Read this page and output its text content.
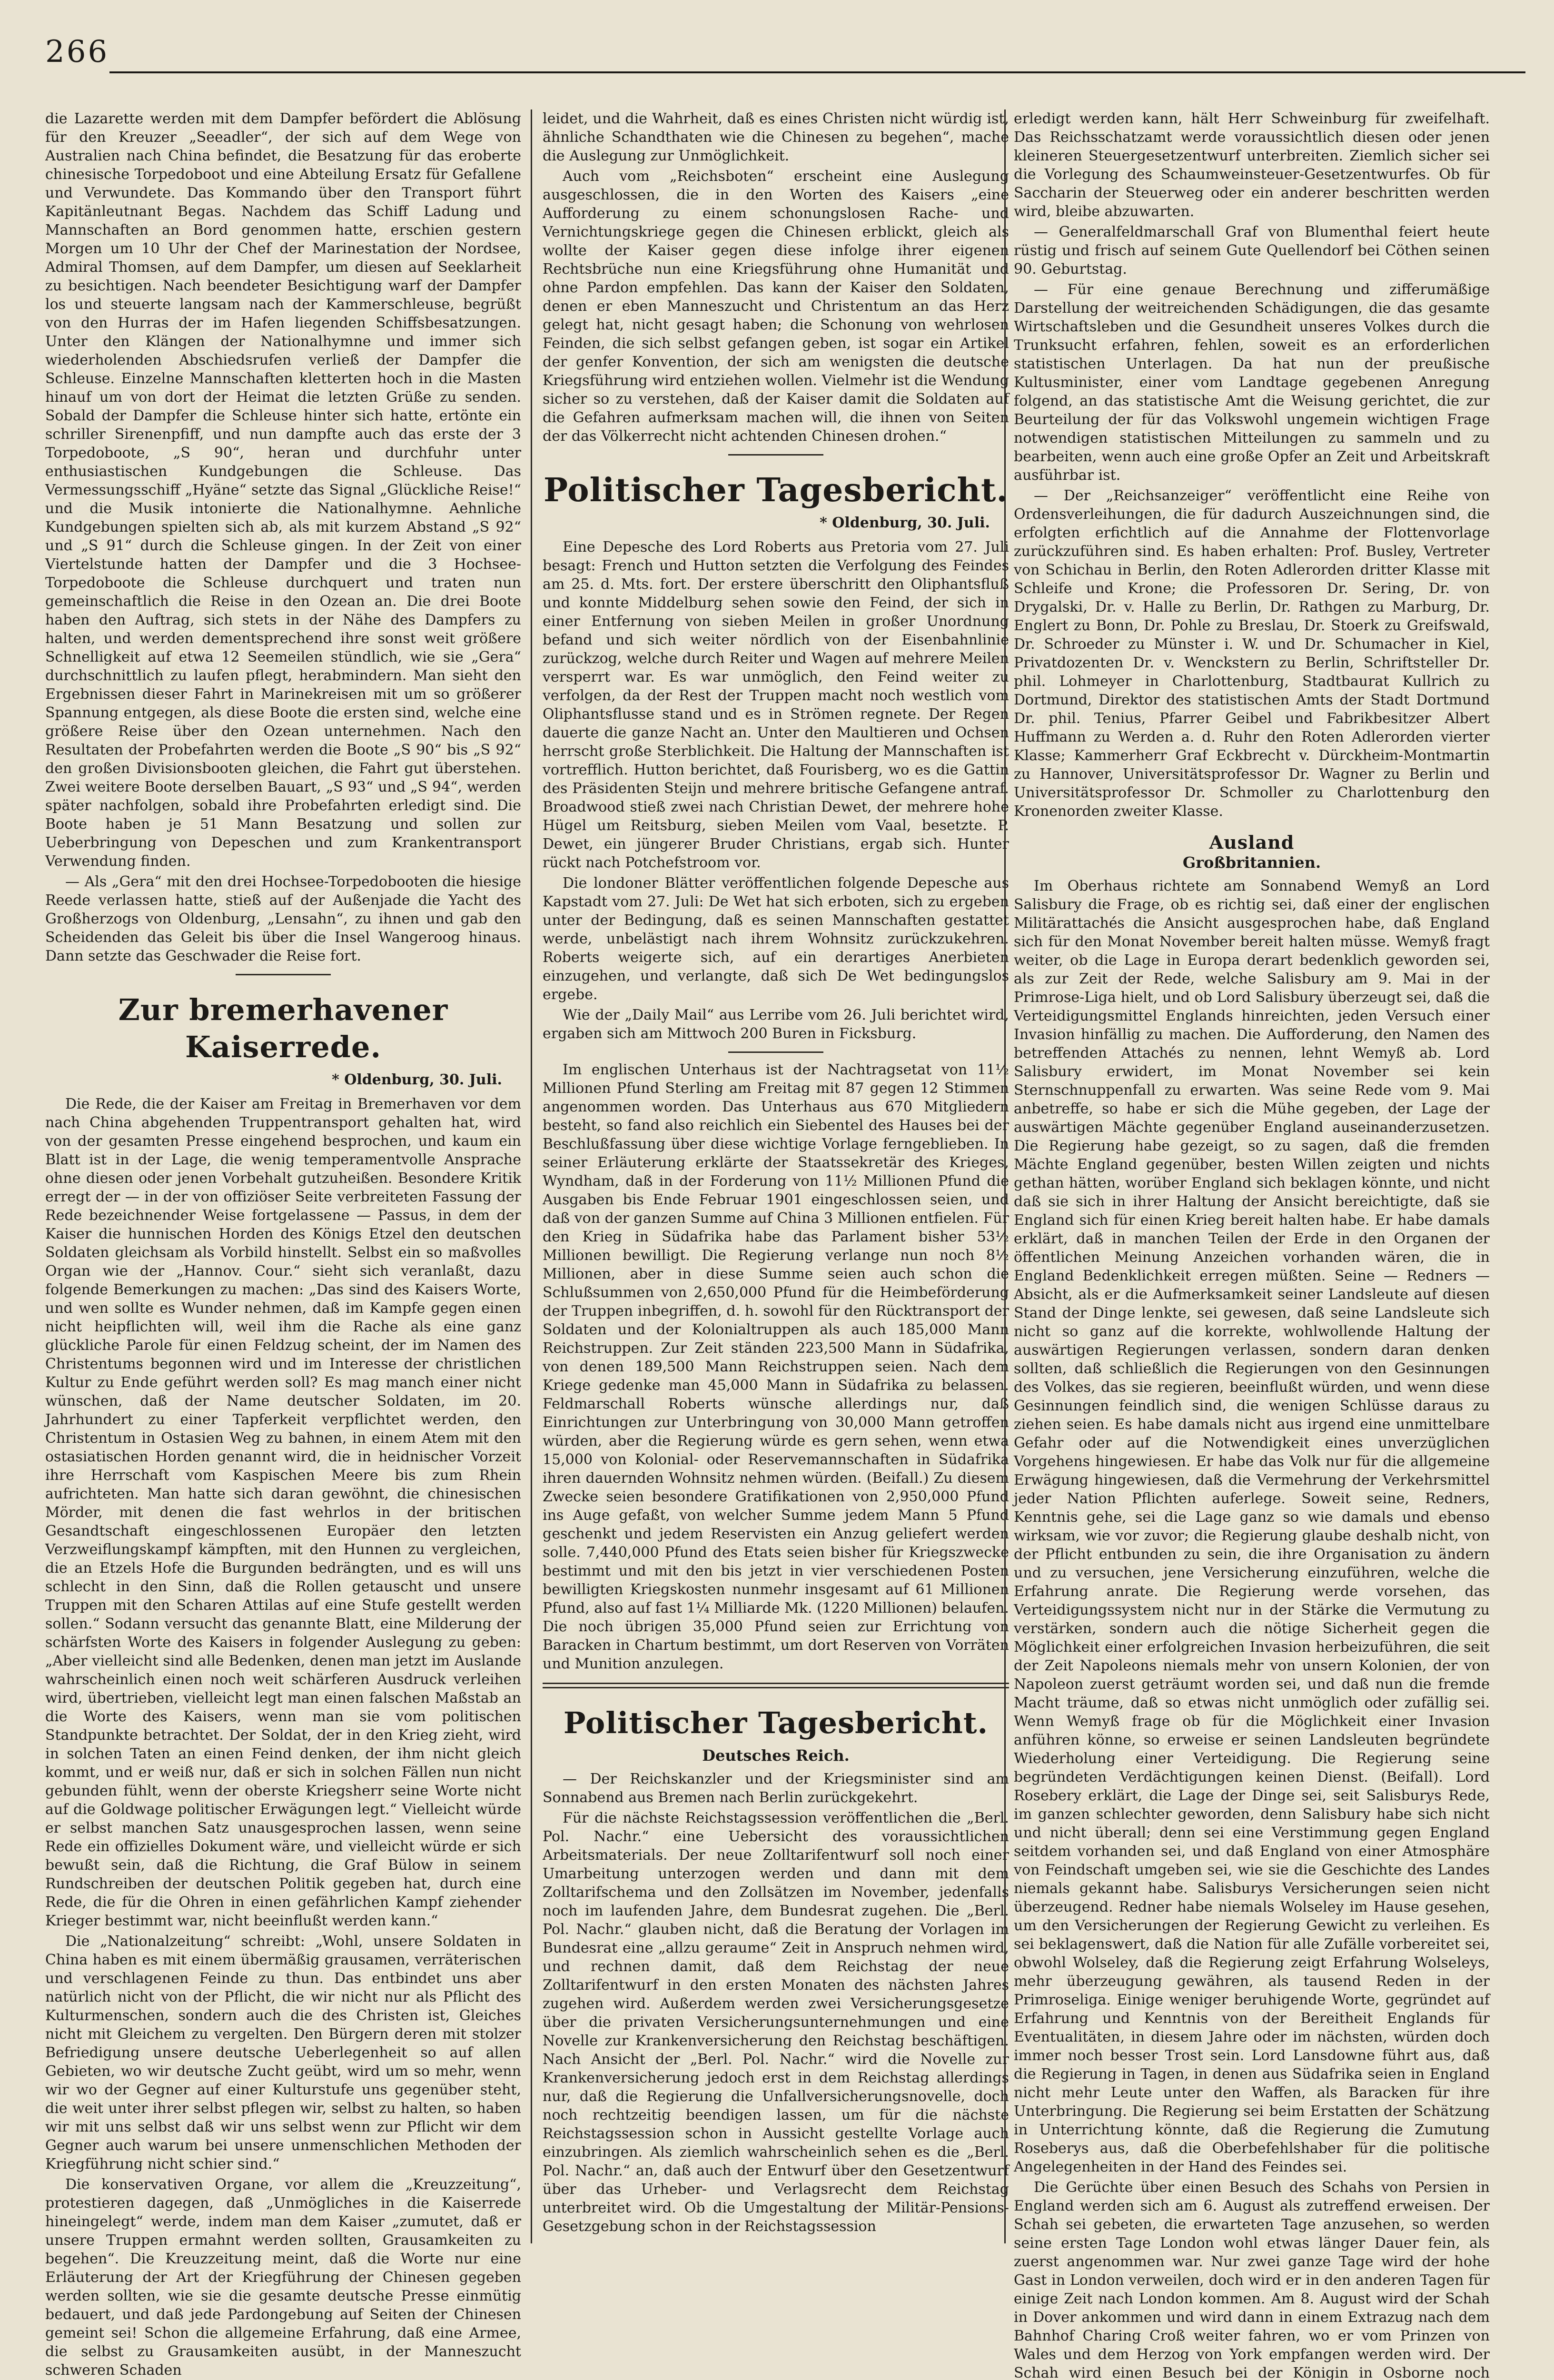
266

die Lazarette werden mit dem Dampfer befördert die Ablösung für den Kreuzer „Seeadler“, der sich auf dem Wege von Australien nach China befindet, die Besatzung für das eroberte chinesische Torpedoboot und eine Abteilung Ersatz für Gefallene und Verwundete. Das Kommando über den Transport führt Kapitänleutnant Begas. Nachdem das Schiff Ladung und Mannschaften an Bord genommen hatte, erschien gestern Morgen um 10 Uhr der Chef der Marinestation der Nordsee, Admiral Thomsen, auf dem Dampfer, um diesen auf Seeklarheit zu besichtigen. Nach beendeter Besichtigung warf der Dampfer los und steuerte langsam nach der Kammerschleuse, begrüßt von den Hurras der im Hafen liegenden Schiffsbesatzungen. Unter den Klängen der Nationalhymne und immer sich wiederholenden Abschiedsrufen verließ der Dampfer die Schleuse. Einzelne Mannschaften kletterten hoch in die Masten hinauf um von dort der Heimat die letzten Grüße zu senden. Sobald der Dampfer die Schleuse hinter sich hatte, ertönte ein schriller Sirenenpfiff, und nun dampfte auch das erste der 3 Torpedoboote, „S 90“, heran und durchfuhr unter enthusiastischen Kundgebungen die Schleuse. Das Vermessungsschiff „Hyäne“ setzte das Signal „Glückliche Reise!“ und die Musik intonierte die Nationalhymne. Aehnliche Kundgebungen spielten sich ab, als mit kurzem Abstand „S 92“ und „S 91“ durch die Schleuse gingen. In der Zeit von einer Viertelstunde hatten der Dampfer und die 3 Hochsee-Torpedoboote die Schleuse durchquert und traten nun gemeinschaftlich die Reise in den Ozean an. Die drei Boote haben den Auftrag, sich stets in der Nähe des Dampfers zu halten, und werden dementsprechend ihre sonst weit größere Schnelligkeit auf etwa 12 Seemeilen stündlich, wie sie „Gera“ durchschnittlich zu laufen pflegt, herabmindern. Man sieht den Ergebnissen dieser Fahrt in Marinekreisen mit um so größerer Spannung entgegen, als diese Boote die ersten sind, welche eine größere Reise über den Ozean unternehmen. Nach den Resultaten der Probefahrten werden die Boote „S 90“ bis „S 92“ den großen Divisionsbooten gleichen, die Fahrt gut überstehen. Zwei weitere Boote derselben Bauart, „S 93“ und „S 94“, werden später nachfolgen, sobald ihre Probefahrten erledigt sind. Die Boote haben je 51 Mann Besatzung und sollen zur Ueberbringung von Depeschen und zum Krankentransport Verwendung finden.

— Als „Gera“ mit den drei Hochsee-Torpedobooten die hiesige Reede verlassen hatte, stieß auf der Außenjade die Yacht des Großherzogs von Oldenburg, „Lensahn“, zu ihnen und gab den Scheidenden das Geleit bis über die Insel Wangeroog hinaus. Dann setzte das Geschwader die Reise fort.

Zur bremerhavener Kaiserrede.
* Oldenburg, 30. Juli.

Die Rede, die der Kaiser am Freitag in Bremerhaven vor dem nach China abgehenden Truppentransport gehalten hat, wird von der gesamten Presse eingehend besprochen, und kaum ein Blatt ist in der Lage, die wenig temperamentvolle Ansprache ohne diesen oder jenen Vorbehalt gutzuheißen. Besondere Kritik erregt der — in der von offiziöser Seite verbreiteten Fassung der Rede bezeichnender Weise fortgelassene — Passus, in dem der Kaiser die hunnischen Horden des Königs Etzel den deutschen Soldaten gleichsam als Vorbild hinstellt. Selbst ein so maßvolles Organ wie der „Hannov. Cour.“ sieht sich veranlaßt, dazu folgende Bemerkungen zu machen: „Das sind des Kaisers Worte, und wen sollte es Wunder nehmen, daß im Kampfe gegen einen nicht heipflichten will, weil ihm die Rache als eine ganz glückliche Parole für einen Feldzug scheint, der im Namen des Christentums begonnen wird und im Interesse der christlichen Kultur zu Ende geführt werden soll? Es mag manch einer nicht wünschen, daß der Name deutscher Soldaten, im 20. Jahrhundert zu einer Tapferkeit verpflichtet werden, den Christentum in Ostasien Weg zu bahnen, in einem Atem mit den ostasiatischen Horden genannt wird, die in heidnischer Vorzeit ihre Herrschaft vom Kaspischen Meere bis zum Rhein aufrichteten. Man hatte sich daran gewöhnt, die chinesischen Mörder, mit denen die fast wehrlos in der britischen Gesandtschaft eingeschlossenen Europäer den letzten Verzweiflungskampf kämpften, mit den Hunnen zu vergleichen, die an Etzels Hofe die Burgunden bedrängten, und es will uns schlecht in den Sinn, daß die Rollen getauscht und unsere Truppen mit den Scharen Attilas auf eine Stufe gestellt werden sollen.“ Sodann versucht das genannte Blatt, eine Milderung der schärfsten Worte des Kaisers in folgender Auslegung zu geben: „Aber vielleicht sind alle Bedenken, denen man jetzt im Auslande wahrscheinlich einen noch weit schärferen Ausdruck verleihen wird, übertrieben, vielleicht legt man einen falschen Maßstab an die Worte des Kaisers, wenn man sie vom politischen Standpunkte betrachtet. Der Soldat, der in den Krieg zieht, wird in solchen Taten an einen Feind denken, der ihm nicht gleich kommt, und er weiß nur, daß er sich in solchen Fällen nun nicht gebunden fühlt, wenn der oberste Kriegsherr seine Worte nicht auf die Goldwage politischer Erwägungen legt.“ Vielleicht würde er selbst manchen Satz unausgesprochen lassen, wenn seine Rede ein offizielles Dokument wäre, und vielleicht würde er sich bewußt sein, daß die Richtung, die Graf Bülow in seinem Rundschreiben der deutschen Politik gegeben hat, durch eine Rede, die für die Ohren in einen gefährlichen Kampf ziehender Krieger bestimmt war, nicht beeinflußt werden kann.“

Die „Nationalzeitung“ schreibt: „Wohl, unsere Soldaten in China haben es mit einem übermäßig grausamen, verräterischen und verschlagenen Feinde zu thun. Das entbindet uns aber natürlich nicht von der Pflicht, die wir nicht nur als Pflicht des Kulturmenschen, sondern auch die des Christen ist, Gleiches nicht mit Gleichem zu vergelten. Den Bürgern deren mit stolzer Befriedigung unsere deutsche Ueberlegenheit so auf allen Gebieten, wo wir deutsche Zucht geübt, wird um so mehr, wenn wir wo der Gegner auf einer Kulturstufe uns gegenüber steht, die weit unter ihrer selbst pflegen wir, selbst zu halten, so haben wir mit uns selbst daß wir uns selbst wenn zur Pflicht wir dem Gegner auch warum bei unsere unmenschlichen Methoden der Kriegführung nicht schier sind.“

Die konservativen Organe, vor allem die „Kreuzzeitung“, protestieren dagegen, daß „Unmögliches in die Kaiserrede hineingelegt“ werde, indem man dem Kaiser „zumutet, daß er unsere Truppen ermahnt werden sollten, Grausamkeiten zu begehen“. Die Kreuzzeitung meint, daß die Worte nur eine Erläuterung der Art der Kriegführung der Chinesen gegeben werden sollten, wie sie die gesamte deutsche Presse einmütig bedauert, und daß jede Pardongebung auf Seiten der Chinesen gemeint sei! Schon die allgemeine Erfahrung, daß eine Armee, die selbst zu Grausamkeiten ausübt, in der Manneszucht schweren Schaden

leidet, und die Wahrheit, daß es eines Christen nicht würdig ist, ähnliche Schandthaten wie die Chinesen zu begehen“, mache die Auslegung zur Unmöglichkeit.

Auch vom „Reichsboten“ erscheint eine Auslegung ausgeschlossen, die in den Worten des Kaisers „eine Aufforderung zu einem schonungslosen Rache- und Vernichtungskriege gegen die Chinesen erblickt, gleich als wollte der Kaiser gegen diese infolge ihrer eigenen Rechtsbrüche nun eine Kriegsführung ohne Humanität und ohne Pardon empfehlen. Das kann der Kaiser den Soldaten, denen er eben Manneszucht und Christentum an das Herz gelegt hat, nicht gesagt haben; die Schonung von wehrlosen Feinden, die sich selbst gefangen geben, ist sogar ein Artikel der genfer Konvention, der sich am wenigsten die deutsche Kriegsführung wird entziehen wollen. Vielmehr ist die Wendung sicher so zu verstehen, daß der Kaiser damit die Soldaten auf die Gefahren aufmerksam machen will, die ihnen von Seiten der das Völkerrecht nicht achtenden Chinesen drohen.“

Politischer Tagesbericht.
* Oldenburg, 30. Juli.

Eine Depesche des Lord Roberts aus Pretoria vom 27. Juli besagt: French und Hutton setzten die Verfolgung des Feindes am 25. d. Mts. fort. Der erstere überschritt den Oliphantsfluß und konnte Middelburg sehen sowie den Feind, der sich in einer Entfernung von sieben Meilen in großer Unordnung befand und sich weiter nördlich von der Eisenbahnlinie zurückzog, welche durch Reiter und Wagen auf mehrere Meilen versperrt war. Es war unmöglich, den Feind weiter zu verfolgen, da der Rest der Truppen macht noch westlich vom Oliphantsflusse stand und es in Strömen regnete. Der Regen dauerte die ganze Nacht an. Unter den Maultieren und Ochsen herrscht große Sterblichkeit. Die Haltung der Mannschaften ist vortrefflich. Hutton berichtet, daß Fourisberg, wo es die Gattin des Präsidenten Steijn und mehrere britische Gefangene antraf. Broadwood stieß zwei nach Christian Dewet, der mehrere hohe Hügel um Reitsburg, sieben Meilen vom Vaal, besetzte. P. Dewet, ein jüngerer Bruder Christians, ergab sich. Hunter rückt nach Potchefstroom vor.

Die londoner Blätter veröffentlichen folgende Depesche aus Kapstadt vom 27. Juli: De Wet hat sich erboten, sich zu ergeben unter der Bedingung, daß es seinen Mannschaften gestattet werde, unbelästigt nach ihrem Wohnsitz zurückzukehren. Roberts weigerte sich, auf ein derartiges Anerbieten einzugehen, und verlangte, daß sich De Wet bedingungslos ergebe.

Wie der „Daily Mail“ aus Lerribe vom 26. Juli berichtet wird, ergaben sich am Mittwoch 200 Buren in Ficksburg.

Im englischen Unterhaus ist der Nachtragsetat von 11½ Millionen Pfund Sterling am Freitag mit 87 gegen 12 Stimmen angenommen worden. Das Unterhaus aus 670 Mitgliedern besteht, so fand also reichlich ein Siebentel des Hauses bei der Beschlußfassung über diese wichtige Vorlage ferngeblieben. In seiner Erläuterung erklärte der Staatssekretär des Krieges, Wyndham, daß in der Forderung von 11½ Millionen Pfund die Ausgaben bis Ende Februar 1901 eingeschlossen seien, und daß von der ganzen Summe auf China 3 Millionen entfielen. Für den Krieg in Südafrika habe das Parlament bisher 53½ Millionen bewilligt. Die Regierung verlange nun noch 8½ Millionen, aber in diese Summe seien auch schon die Schlußsummen von 2,650,000 Pfund für die Heimbeförderung der Truppen inbegriffen, d. h. sowohl für den Rücktransport der Soldaten und der Kolonialtruppen als auch 185,000 Mann Reichstruppen. Zur Zeit ständen 223,500 Mann in Südafrika, von denen 189,500 Mann Reichstruppen seien. Nach dem Kriege gedenke man 45,000 Mann in Südafrika zu belassen. Feldmarschall Roberts wünsche allerdings nur, daß Einrichtungen zur Unterbringung von 30,000 Mann getroffen würden, aber die Regierung würde es gern sehen, wenn etwa 15,000 von Kolonial- oder Reservemannschaften in Südafrika ihren dauernden Wohnsitz nehmen würden. (Beifall.) Zu diesem Zwecke seien besondere Gratifikationen von 2,950,000 Pfund ins Auge gefaßt, von welcher Summe jedem Mann 5 Pfund geschenkt und jedem Reservisten ein Anzug geliefert werden solle. 7,440,000 Pfund des Etats seien bisher für Kriegszwecke bestimmt und mit den bis jetzt in vier verschiedenen Posten bewilligten Kriegskosten nunmehr insgesamt auf 61 Millionen Pfund, also auf fast 1¼ Milliarde Mk. (1220 Millionen) belaufen. Die noch übrigen 35,000 Pfund seien zur Errichtung von Baracken in Chartum bestimmt, um dort Reserven von Vorräten und Munition anzulegen.

Politischer Tagesbericht.
Deutsches Reich.

— Der Reichskanzler und der Kriegsminister sind am Sonnabend aus Bremen nach Berlin zurückgekehrt.

Für die nächste Reichstagssession veröffentlichen die „Berl. Pol. Nachr.“ eine Uebersicht des voraussichtlichen Arbeitsmaterials. Der neue Zolltarifentwurf soll noch einer Umarbeitung unterzogen werden und dann mit dem Zolltarifschema und den Zollsätzen im November, jedenfalls noch im laufenden Jahre, dem Bundesrat zugehen. Die „Berl. Pol. Nachr.“ glauben nicht, daß die Beratung der Vorlagen im Bundesrat eine „allzu geraume“ Zeit in Anspruch nehmen wird, und rechnen damit, daß dem Reichstag der neue Zolltarifentwurf in den ersten Monaten des nächsten Jahres zugehen wird. Außerdem werden zwei Versicherungsgesetze über die privaten Versicherungsunternehmungen und eine Novelle zur Krankenversicherung den Reichstag beschäftigen. Nach Ansicht der „Berl. Pol. Nachr.“ wird die Novelle zur Krankenversicherung jedoch erst in dem Reichstag allerdings nur, daß die Regierung die Unfallversicherungsnovelle, doch noch rechtzeitig beendigen lassen, um für die nächste Reichstagssession schon in Aussicht gestellte Vorlage auch einzubringen. Als ziemlich wahrscheinlich sehen es die „Berl. Pol. Nachr.“ an, daß auch der Entwurf über den Gesetzentwurf über das Urheber- und Verlagsrecht dem Reichstag unterbreitet wird. Ob die Umgestaltung der Militär-Pensions-Gesetzgebung schon in der Reichstagssession

erledigt werden kann, hält Herr Schweinburg für zweifelhaft. Das Reichsschatzamt werde voraussichtlich diesen oder jenen kleineren Steuergesetzentwurf unterbreiten. Ziemlich sicher sei die Vorlegung des Schaumweinsteuer-Gesetzentwurfes. Ob für Saccharin der Steuerweg oder ein anderer beschritten werden wird, bleibe abzuwarten.

— Generalfeldmarschall Graf von Blumenthal feiert heute rüstig und frisch auf seinem Gute Quellendorf bei Cöthen seinen 90. Geburtstag.

— Für eine genaue Berechnung und zifferumäßige Darstellung der weitreichenden Schädigungen, die das gesamte Wirtschaftsleben und die Gesundheit unseres Volkes durch die Trunksucht erfahren, fehlen, soweit es an erforderlichen statistischen Unterlagen. Da hat nun der preußische Kultusminister, einer vom Landtage gegebenen Anregung folgend, an das statistische Amt die Weisung gerichtet, die zur Beurteilung der für das Volkswohl ungemein wichtigen Frage notwendigen statistischen Mitteilungen zu sammeln und zu bearbeiten, wenn auch eine große Opfer an Zeit und Arbeitskraft ausführbar ist.

— Der „Reichsanzeiger“ veröffentlicht eine Reihe von Ordensverleihungen, die für dadurch Auszeichnungen sind, die erfolgten erfichtlich auf die Annahme der Flottenvorlage zurückzuführen sind. Es haben erhalten: Prof. Busley, Vertreter von Schichau in Berlin, den Roten Adlerorden dritter Klasse mit Schleife und Krone; die Professoren Dr. Sering, Dr. von Drygalski, Dr. v. Halle zu Berlin, Dr. Rathgen zu Marburg, Dr. Englert zu Bonn, Dr. Pohle zu Breslau, Dr. Stoerk zu Greifswald, Dr. Schroeder zu Münster i. W. und Dr. Schumacher in Kiel, Privatdozenten Dr. v. Wenckstern zu Berlin, Schriftsteller Dr. phil. Lohmeyer in Charlottenburg, Stadtbaurat Kullrich zu Dortmund, Direktor des statistischen Amts der Stadt Dortmund Dr. phil. Tenius, Pfarrer Geibel und Fabrikbesitzer Albert Huffmann zu Werden a. d. Ruhr den Roten Adlerorden vierter Klasse; Kammerherr Graf Eckbrecht v. Dürckheim-Montmartin zu Hannover, Universitätsprofessor Dr. Wagner zu Berlin und Universitätsprofessor Dr. Schmoller zu Charlottenburg den Kronenorden zweiter Klasse.

Ausland
Großbritannien.

Im Oberhaus richtete am Sonnabend Wemyß an Lord Salisbury die Frage, ob es richtig sei, daß einer der englischen Militärattachés die Ansicht ausgesprochen habe, daß England sich für den Monat November bereit halten müsse. Wemyß fragt weiter, ob die Lage in Europa derart bedenklich geworden sei, als zur Zeit der Rede, welche Salisbury am 9. Mai in der Primrose-Liga hielt, und ob Lord Salisbury überzeugt sei, daß die Verteidigungsmittel Englands hinreichten, jeden Versuch einer Invasion hinfällig zu machen. Die Aufforderung, den Namen des betreffenden Attachés zu nennen, lehnt Wemyß ab. Lord Salisbury erwidert, im Monat November sei kein Sternschnuppenfall zu erwarten. Was seine Rede vom 9. Mai anbetreffe, so habe er sich die Mühe gegeben, der Lage der auswärtigen Mächte gegenüber England auseinanderzusetzen. Die Regierung habe gezeigt, so zu sagen, daß die fremden Mächte England gegenüber, besten Willen zeigten und nichts gethan hätten, worüber England sich beklagen könnte, und nicht daß sie sich in ihrer Haltung der Ansicht bereichtigte, daß sie England sich für einen Krieg bereit halten habe. Er habe damals erklärt, daß in manchen Teilen der Erde in den Organen der öffentlichen Meinung Anzeichen vorhanden wären, die in England Bedenklichkeit erregen müßten. Seine — Redners — Absicht, als er die Aufmerksamkeit seiner Landsleute auf diesen Stand der Dinge lenkte, sei gewesen, daß seine Landsleute sich nicht so ganz auf die korrekte, wohlwollende Haltung der auswärtigen Regierungen verlassen, sondern daran denken sollten, daß schließlich die Regierungen von den Gesinnungen des Volkes, das sie regieren, beeinflußt würden, und wenn diese Gesinnungen feindlich sind, die wenigen Schlüsse daraus zu ziehen seien. Es habe damals nicht aus irgend eine unmittelbare Gefahr oder auf die Notwendigkeit eines unverzüglichen Vorgehens hingewiesen. Er habe das Volk nur für die allgemeine Erwägung hingewiesen, daß die Vermehrung der Verkehrsmittel jeder Nation Pflichten auferlege. Soweit seine, Redners, Kenntnis gehe, sei die Lage ganz so wie damals und ebenso wirksam, wie vor zuvor; die Regierung glaube deshalb nicht, von der Pflicht entbunden zu sein, die ihre Organisation zu ändern und zu versuchen, jene Versicherung einzuführen, welche die Erfahrung anrate. Die Regierung werde vorsehen, das Verteidigungssystem nicht nur in der Stärke die Vermutung zu verstärken, sondern auch die nötige Sicherheit gegen die Möglichkeit einer erfolgreichen Invasion herbeizuführen, die seit der Zeit Napoleons niemals mehr von unsern Kolonien, der von Napoleon zuerst geträumt worden sei, und daß nun die fremde Macht träume, daß so etwas nicht unmöglich oder zufällig sei. Wenn Wemyß frage ob für die Möglichkeit einer Invasion anführen könne, so erweise er seinen Landsleuten begründete Wiederholung einer Verteidigung. Die Regierung seine begründeten Verdächtigungen keinen Dienst. (Beifall). Lord Rosebery erklärt, die Lage der Dinge sei, seit Salisburys Rede, im ganzen schlechter geworden, denn Salisbury habe sich nicht und nicht überall; denn sei eine Verstimmung gegen England seitdem vorhanden sei, und daß England von einer Atmosphäre von Feindschaft umgeben sei, wie sie die Geschichte des Landes niemals gekannt habe. Salisburys Versicherungen seien nicht überzeugend. Redner habe niemals Wolseley im Hause gesehen, um den Versicherungen der Regierung Gewicht zu verleihen. Es sei beklagenswert, daß die Nation für alle Zufälle vorbereitet sei, obwohl Wolseley, daß die Regierung zeigt Erfahrung Wolseleys, mehr überzeugung gewähren, als tausend Reden in der Primroseliga. Einige weniger beruhigende Worte, gegründet auf Erfahrung und Kenntnis von der Bereitheit Englands für Eventualitäten, in diesem Jahre oder im nächsten, würden doch immer noch besser Trost sein. Lord Lansdowne führt aus, daß die Regierung in Tagen, in denen aus Südafrika seien in England nicht mehr Leute unter den Waffen, als Baracken für ihre Unterbringung. Die Regierung sei beim Erstatten der Schätzung in Unterrichtung könnte, daß die Regierung die Zumutung Roseberys aus, daß die Oberbefehlshaber für die politische Angelegenheiten in der Hand des Feindes sei.

Die Gerüchte über einen Besuch des Schahs von Persien in England werden sich am 6. August als zutreffend erweisen. Der Schah sei gebeten, die erwarteten Tage anzusehen, so werden seine ersten Tage London wohl etwas länger Dauer fein, als zuerst angenommen war. Nur zwei ganze Tage wird der hohe Gast in London verweilen, doch wird er in den anderen Tagen für einige Zeit nach London kommen. Am 8. August wird der Schah in Dover ankommen und wird dann in einem Extrazug nach dem Bahnhof Charing Croß weiter fahren, wo er vom Prinzen von Wales und dem Herzog von York empfangen werden wird. Der Schah wird einen Besuch bei der Königin in Osborne noch
